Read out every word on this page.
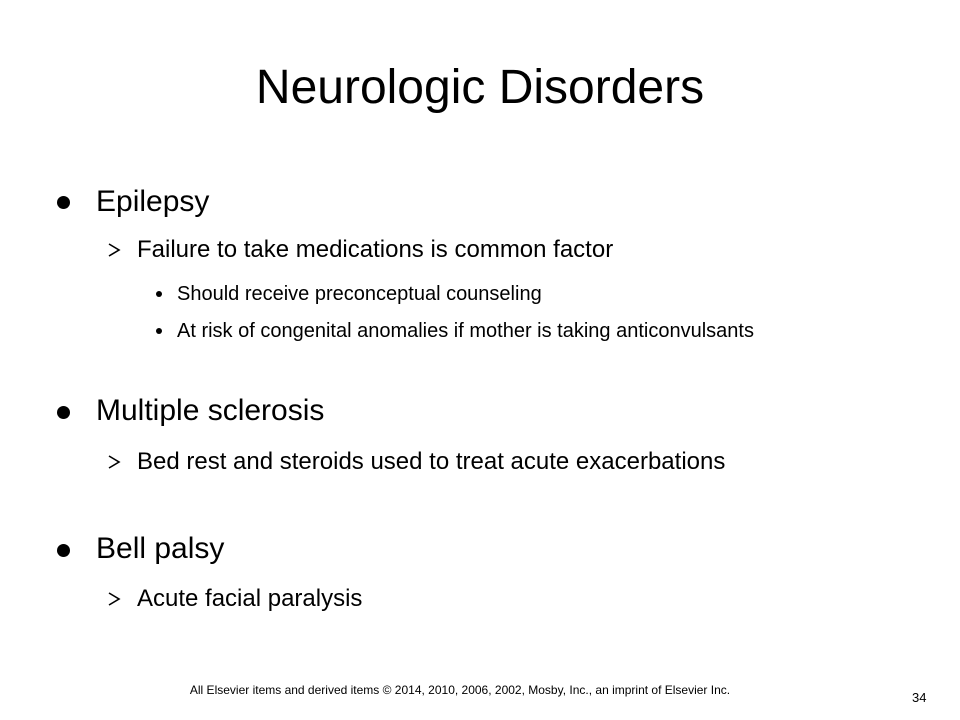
Neurologic Disorders
Epilepsy
Failure to take medications is common factor
Should receive preconceptual counseling
At risk of congenital anomalies if mother is taking anticonvulsants
Multiple sclerosis
Bed rest and steroids used to treat acute exacerbations
Bell palsy
Acute facial paralysis
All Elsevier items and derived items © 2014, 2010, 2006, 2002, Mosby, Inc., an imprint of Elsevier Inc.	34
